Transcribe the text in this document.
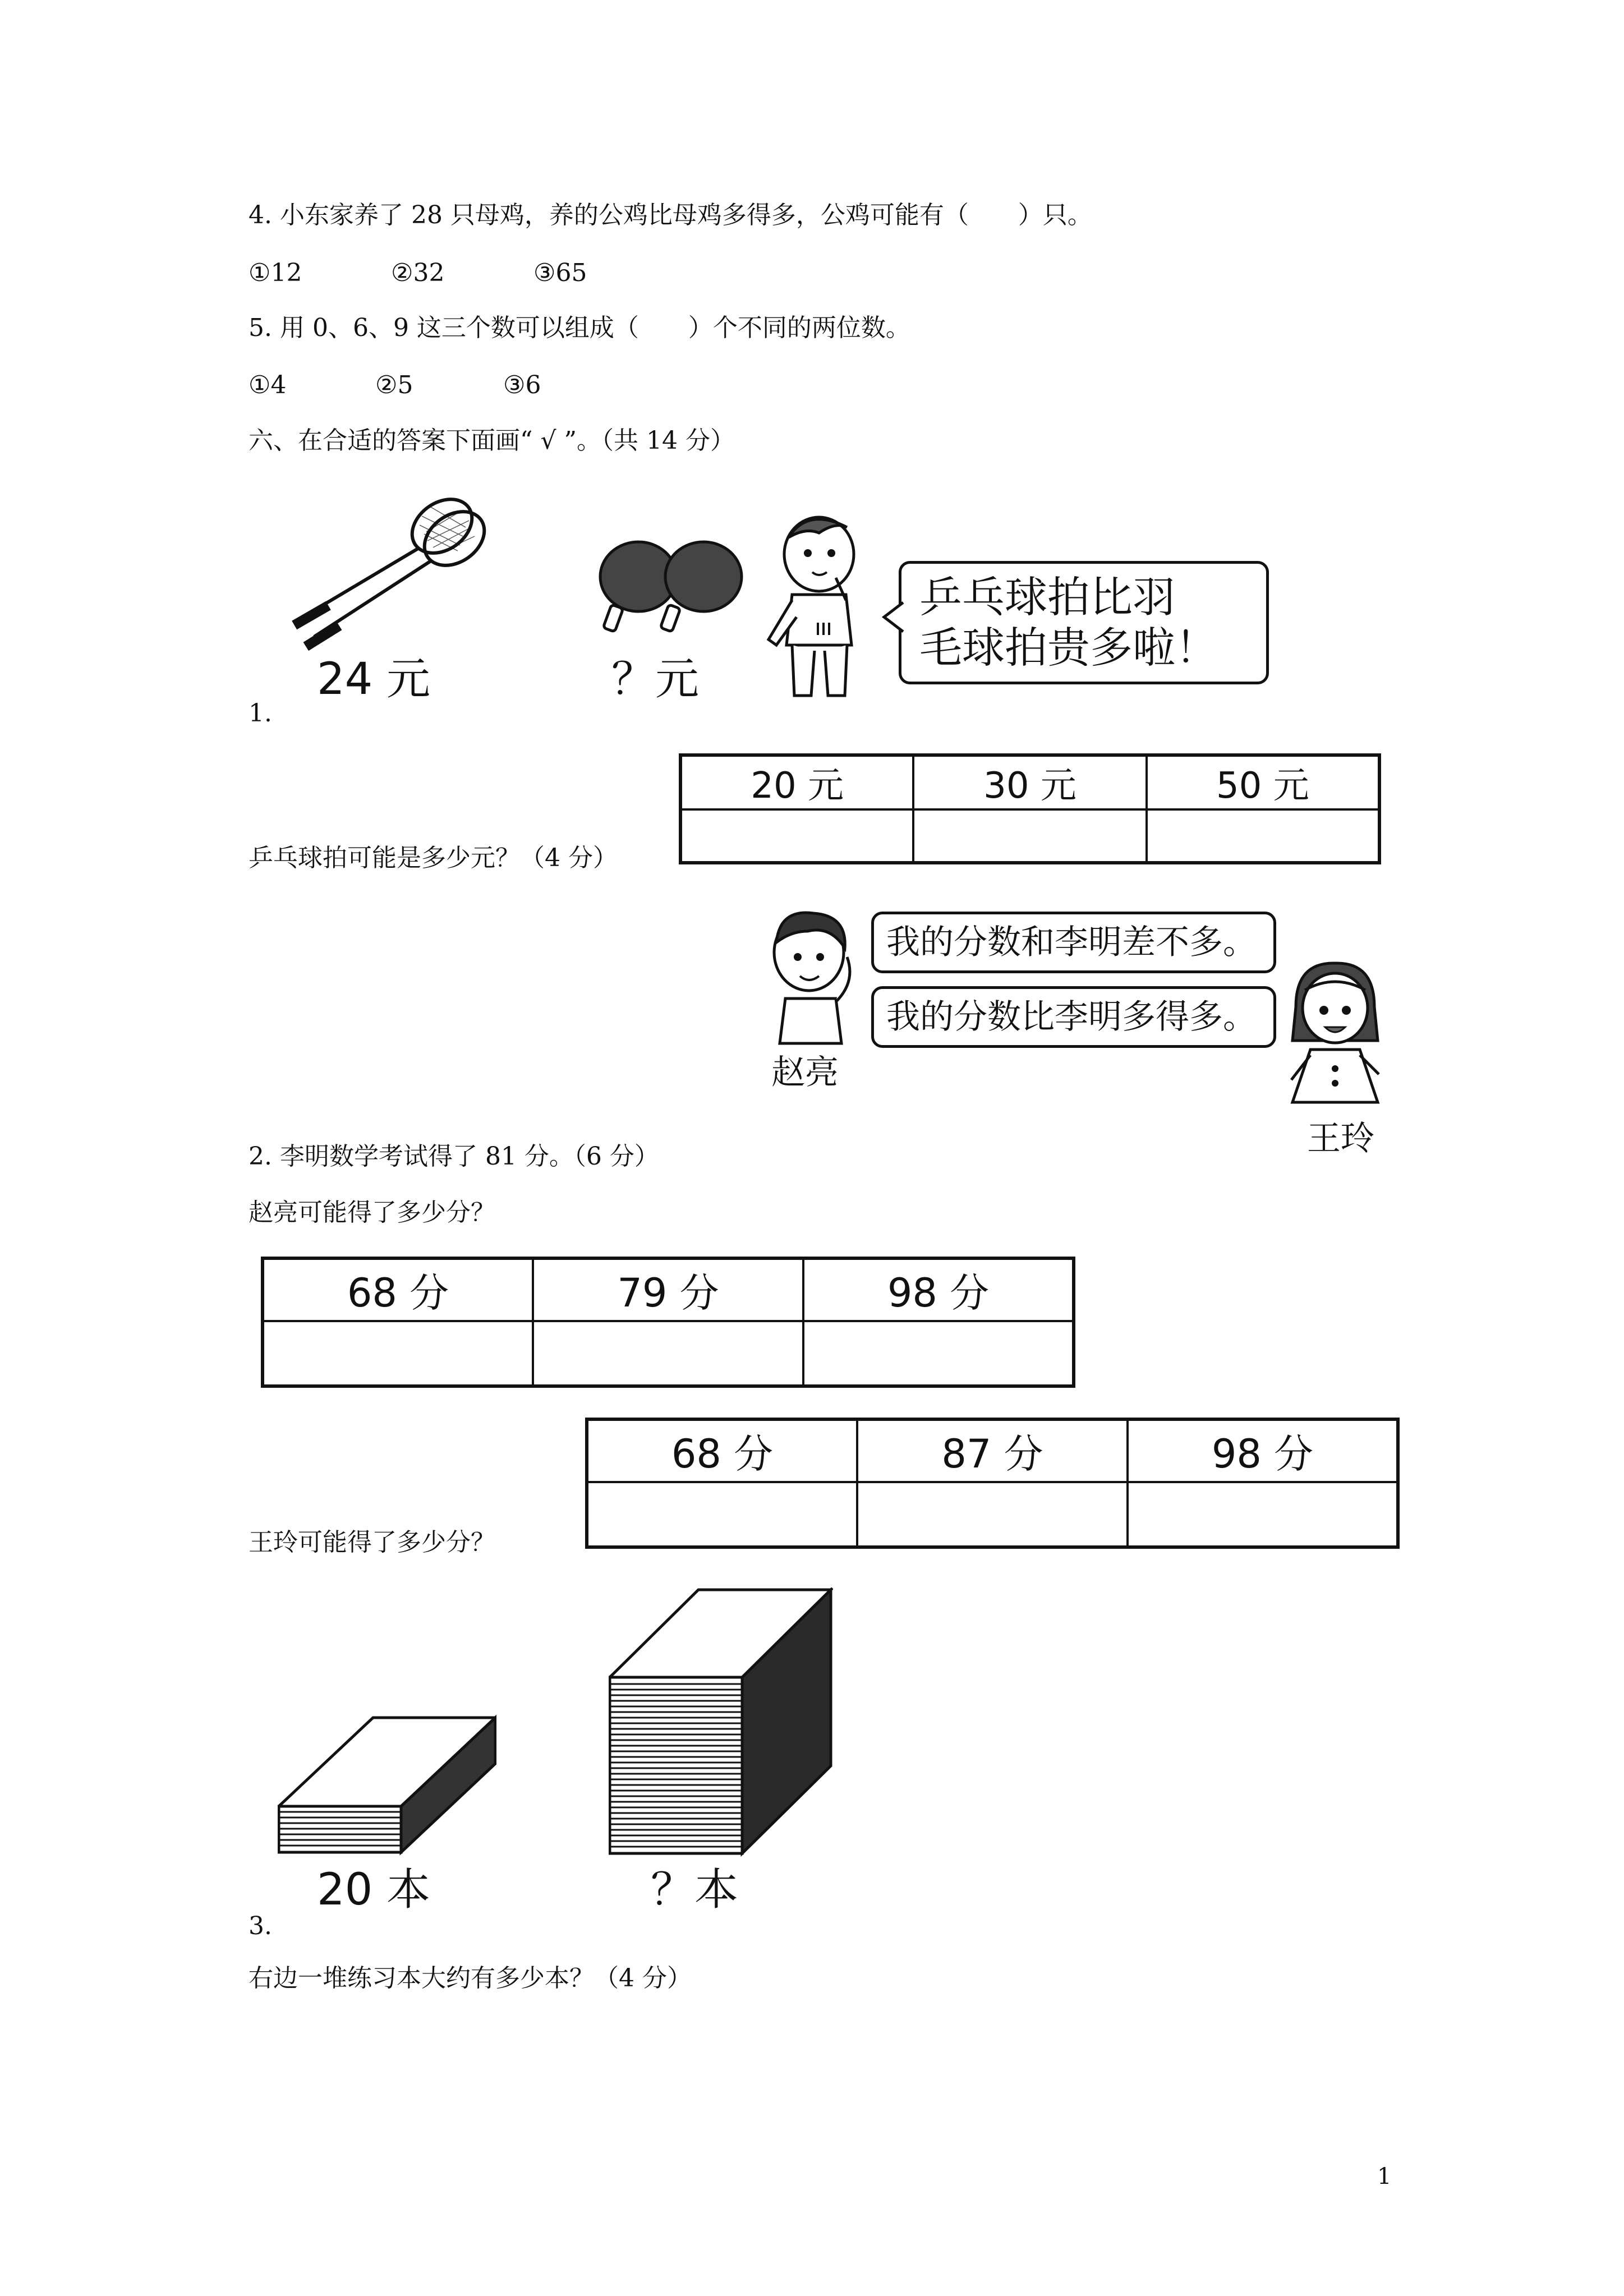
4. 小东家养了 28 只母鸡，养的公鸡比母鸡多得多，公鸡可能有（　　）只。
①12	②32	③65
5. 用 0、6、9 这三个数可以组成（　　）个不同的两位数。
①4	②5	③6
六、在合适的答案下面画“ √ ”。（共 14 分）
24 元	？元
乒乓球拍比羽
毛球拍贵多啦！
1.
20 元	30 元	50 元

乒乓球拍可能是多少元？（4 分）
我的分数和李明差不多。
我的分数比李明多得多。
赵亮
王玲
2. 李明数学考试得了 81 分。（6 分）
赵亮可能得了多少分？
68 分	79 分	98 分

68 分	87 分	98 分

王玲可能得了多少分？
20 本	？本
3.
右边一堆练习本大约有多少本？（4 分）
1
